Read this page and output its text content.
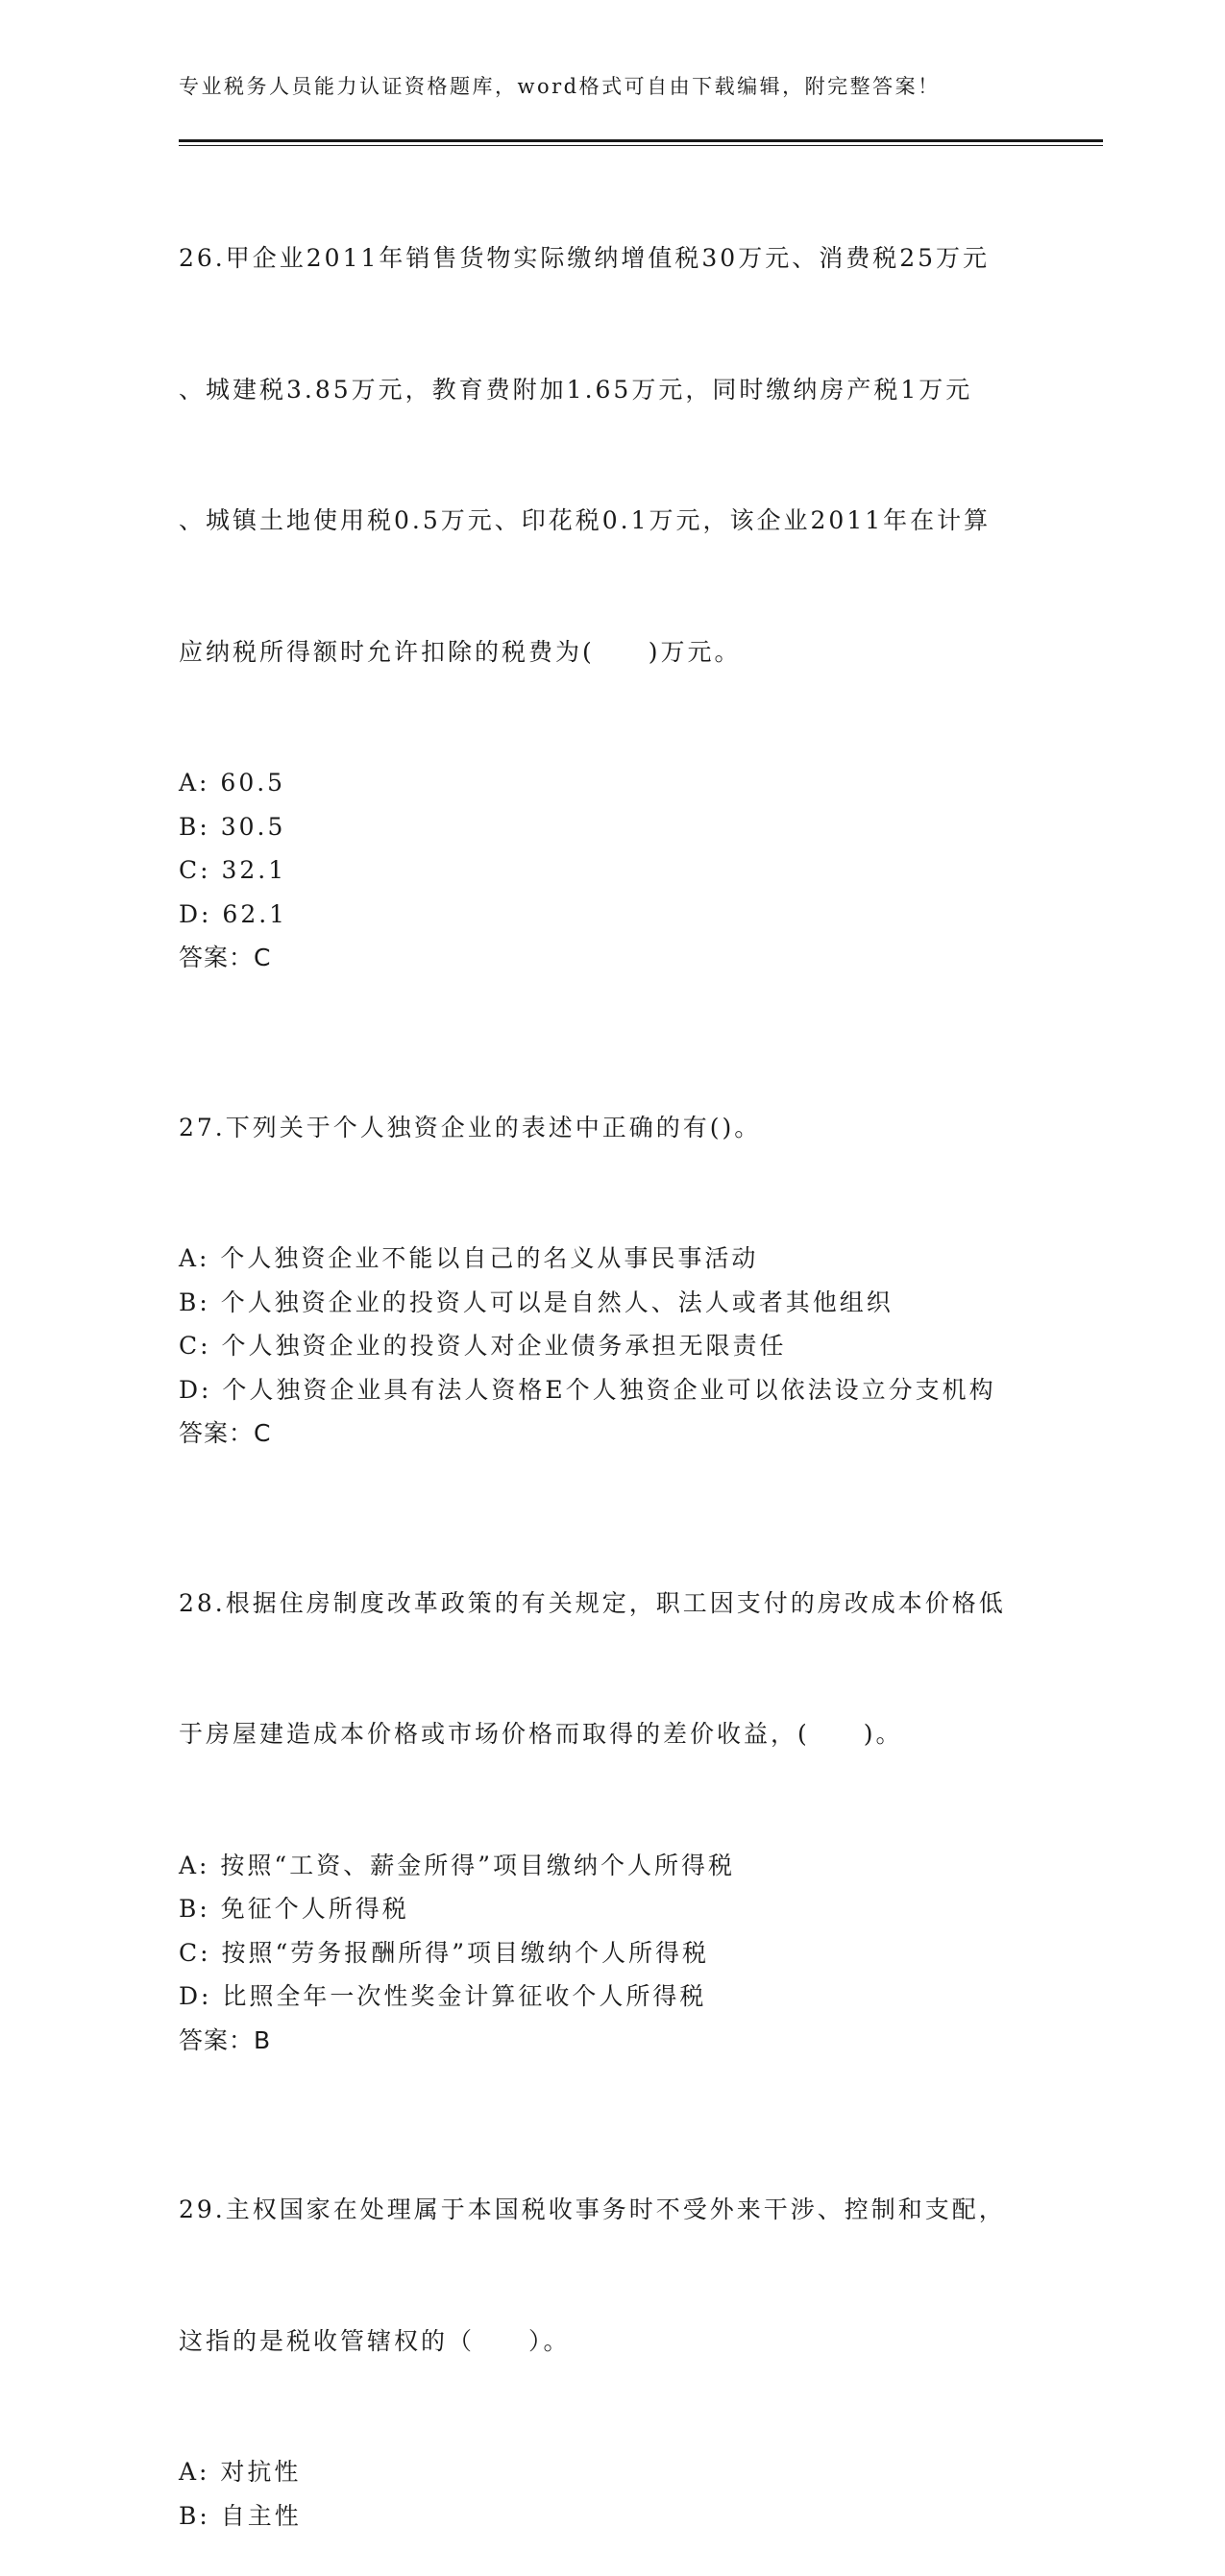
专业税务人员能力认证资格题库，word格式可自由下载编辑，附完整答案！

26.甲企业2011年销售货物实际缴纳增值税30万元、消费税25万元

、城建税3.85万元，教育费附加1.65万元，同时缴纳房产税1万元

、城镇土地使用税0.5万元、印花税0.1万元，该企业2011年在计算

应纳税所得额时允许扣除的税费为(　　)万元。

A: 60.5
B: 30.5
C: 32.1
D: 62.1
答案：C

27.下列关于个人独资企业的表述中正确的有()。

A: 个人独资企业不能以自己的名义从事民事活动
B: 个人独资企业的投资人可以是自然人、法人或者其他组织
C: 个人独资企业的投资人对企业债务承担无限责任
D: 个人独资企业具有法人资格E个人独资企业可以依法设立分支机构
答案：C

28.根据住房制度改革政策的有关规定，职工因支付的房改成本价格低

于房屋建造成本价格或市场价格而取得的差价收益，(　　)。

A: 按照“工资、薪金所得”项目缴纳个人所得税
B: 免征个人所得税
C: 按照“劳务报酬所得”项目缴纳个人所得税
D: 比照全年一次性奖金计算征收个人所得税
答案：B

29.主权国家在处理属于本国税收事务时不受外来干涉、控制和支配，

这指的是税收管辖权的（　　）。

A: 对抗性
B: 自主性
